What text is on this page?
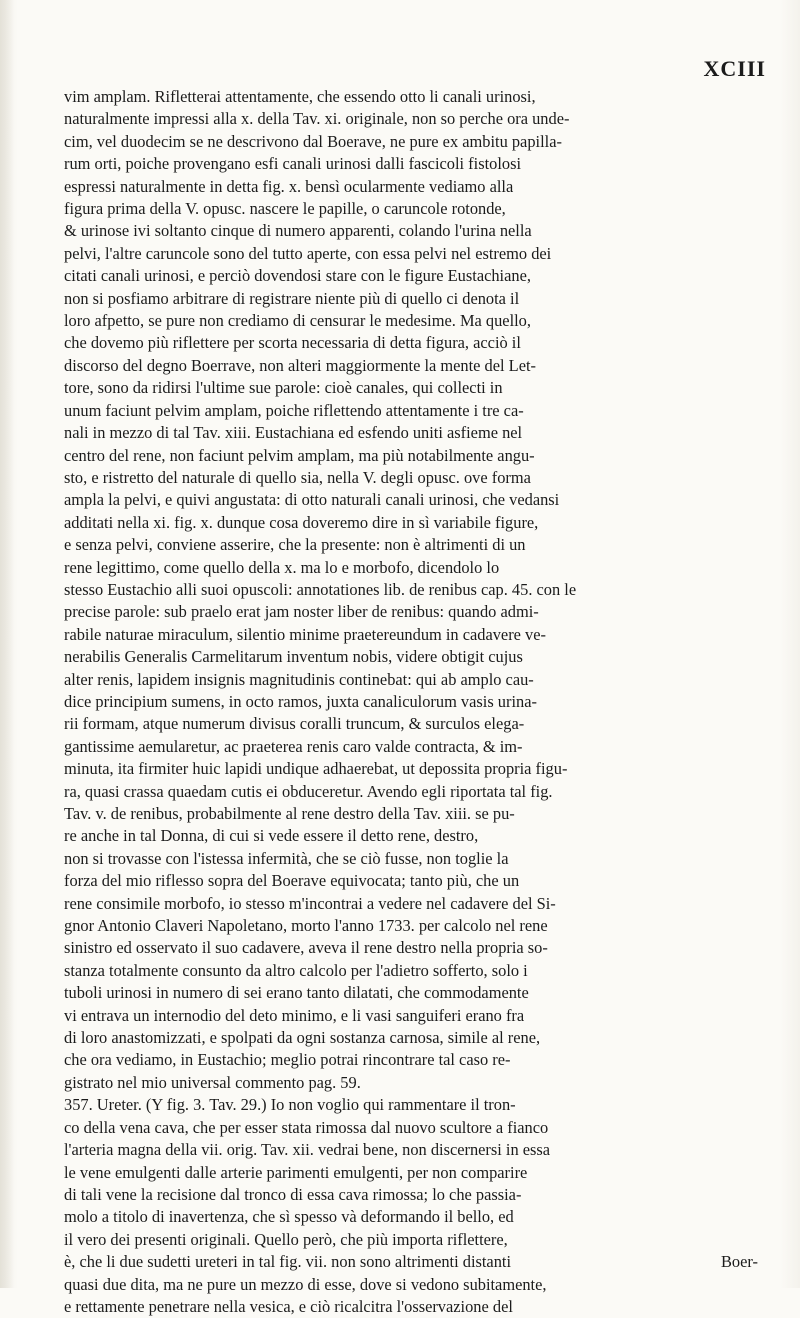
XCIII
vim amplam. Rifletterai attentamente, che essendo otto li canali urinosi,
naturalmente impressi alla x. della Tav. xi. originale, non so perche ora unde-
cim, vel duodecim se ne descrivono dal Boerave, ne pure ex ambitu papilla-
rum orti, poiche provengano esfi canali urinosi dalli fascicoli fistolosi
espressi naturalmente in detta fig. x. bensì ocularmente vediamo alla
figura prima della V. opusc. nascere le papille, o caruncole rotonde,
& urinose ivi soltanto cinque di numero apparenti, colando l'urina nella
pelvi, l'altre caruncole sono del tutto aperte, con essa pelvi nel estremo dei
citati canali urinosi, e perciò dovendosi stare con le figure Eustachiane,
non si posfiamo arbitrare di registrare niente più di quello ci denota il
loro afpetto, se pure non crediamo di censurar le medesime. Ma quello,
che dovemo più riflettere per scorta necessaria di detta figura, acciò il
discorso del degno Boerrave, non alteri maggiormente la mente del Let-
tore, sono da ridirsi l'ultime sue parole: cioè canales, qui collecti in
unum faciunt pelvim amplam, poiche riflettendo attentamente i tre ca-
nali in mezzo di tal Tav. xiii. Eustachiana ed esfendo uniti asfieme nel
centro del rene, non faciunt pelvim amplam, ma più notabilmente angu-
sto, e ristretto del naturale di quello sia, nella V. degli opusc. ove forma
ampla la pelvi, e quivi angustata: di otto naturali canali urinosi, che vedansi
additati nella xi. fig. x. dunque cosa doveremo dire in sì variabile figure,
e senza pelvi, conviene asserire, che la presente: non è altrimenti di un
rene legittimo, come quello della x. ma lo e morbofo, dicendolo lo
stesso Eustachio alli suoi opuscoli: annotationes lib. de renibus cap. 45. con le
precise parole: sub praelo erat jam noster liber de renibus: quando admi-
rabile naturae miraculum, silentio minime praetereundum in cadavere ve-
nerabilis Generalis Carmelitarum inventum nobis, videre obtigit cujus
alter renis, lapidem insignis magnitudinis continebat: qui ab amplo cau-
dice principium sumens, in octo ramos, juxta canaliculorum vasis urina-
rii formam, atque numerum divisus coralli truncum, & surculos elega-
gantissime aemularetur, ac praeterea renis caro valde contracta, & im-
minuta, ita firmiter huic lapidi undique adhaerebat, ut depossita propria figu-
ra, quasi crassa quaedam cutis ei obduceretur. Avendo egli riportata tal fig.
Tav. v. de renibus, probabilmente al rene destro della Tav. xiii. se pu-
re anche in tal Donna, di cui si vede essere il detto rene, destro,
non si trovasse con l'istessa infermità, che se ciò fusse, non toglie la
forza del mio riflesso sopra del Boerave equivocata; tanto più, che un
rene consimile morbofo, io stesso m'incontrai a vedere nel cadavere del Si-
gnor Antonio Claveri Napoletano, morto l'anno 1733. per calcolo nel rene
sinistro ed osservato il suo cadavere, aveva il rene destro nella propria so-
stanza totalmente consunto da altro calcolo per l'adietro sofferto, solo i
tuboli urinosi in numero di sei erano tanto dilatati, che commodamente
vi entrava un internodio del deto minimo, e li vasi sanguiferi erano fra
di loro anastomizzati, e spolpati da ogni sostanza carnosa, simile al rene,
che ora vediamo, in Eustachio; meglio potrai rincontrare tal caso re-
gistrato nel mio universal commento pag. 59.
357. Ureter. (Y fig. 3. Tav. 29.) Io non voglio qui rammentare il tron-
co della vena cava, che per esser stata rimossa dal nuovo scultore a fianco
l'arteria magna della vii. orig. Tav. xii. vedrai bene, non discernersi in essa
le vene emulgenti dalle arterie parimenti emulgenti, per non comparire
di tali vene la recisione dal tronco di essa cava rimossa; lo che passia-
molo a titolo di inavertenza, che sì spesso và deformando il bello, ed
il vero dei presenti originali. Quello però, che più importa riflettere,
è, che li due sudetti ureteri in tal fig. vii. non sono altrimenti distanti
quasi due dita, ma ne pure un mezzo di esse, dove si vedono subitamente,
e rettamente penetrare nella vesica, e ciò ricalcitra l'osservazione del
Boer-
